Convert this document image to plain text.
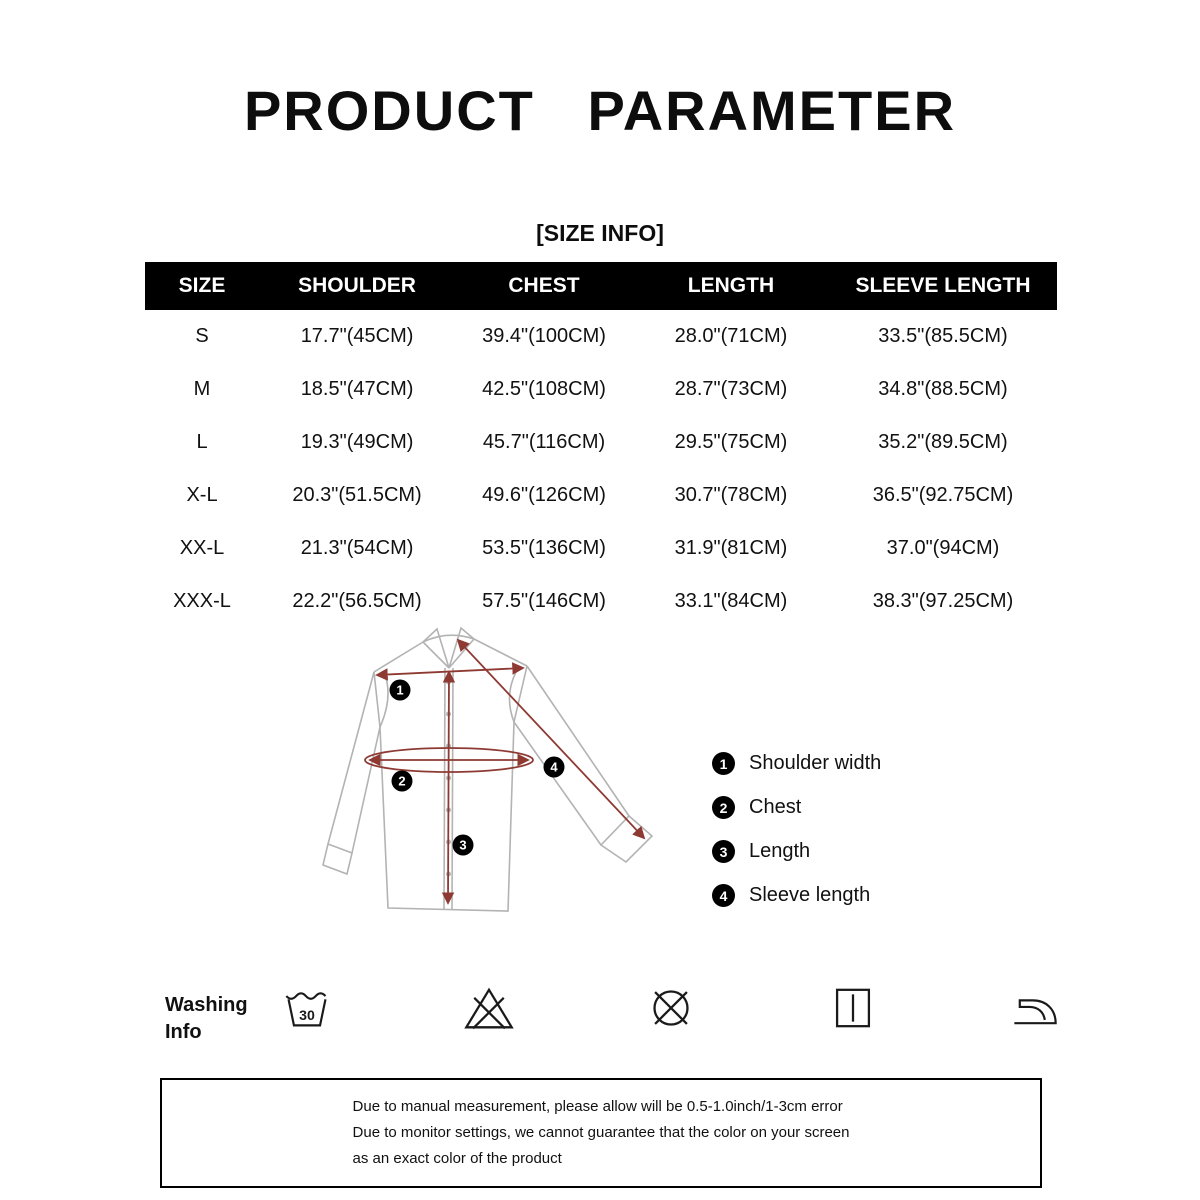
PRODUCT   PARAMETER
[SIZE INFO]
SIZE	SHOULDER	CHEST	LENGTH	SLEEVE LENGTH
S	17.7"(45CM)	39.4"(100CM)	28.0"(71CM)	33.5"(85.5CM)
M	18.5"(47CM)	42.5"(108CM)	28.7"(73CM)	34.8"(88.5CM)
L	19.3"(49CM)	45.7"(116CM)	29.5"(75CM)	35.2"(89.5CM)
X-L	20.3"(51.5CM)	49.6"(126CM)	30.7"(78CM)	36.5"(92.75CM)
XX-L	21.3"(54CM)	53.5"(136CM)	31.9"(81CM)	37.0"(94CM)
XXX-L	22.2"(56.5CM)	57.5"(146CM)	33.1"(84CM)	38.3"(97.25CM)
1
2
3
4	1	Shoulder width
2	Chest
3	Length
4	Sleeve length
Washing Info
30
Due to manual measurement, please allow will be 0.5-1.0inch/1-3cm error
Due to monitor settings, we cannot guarantee that the color on your screen
as an exact color of the product
